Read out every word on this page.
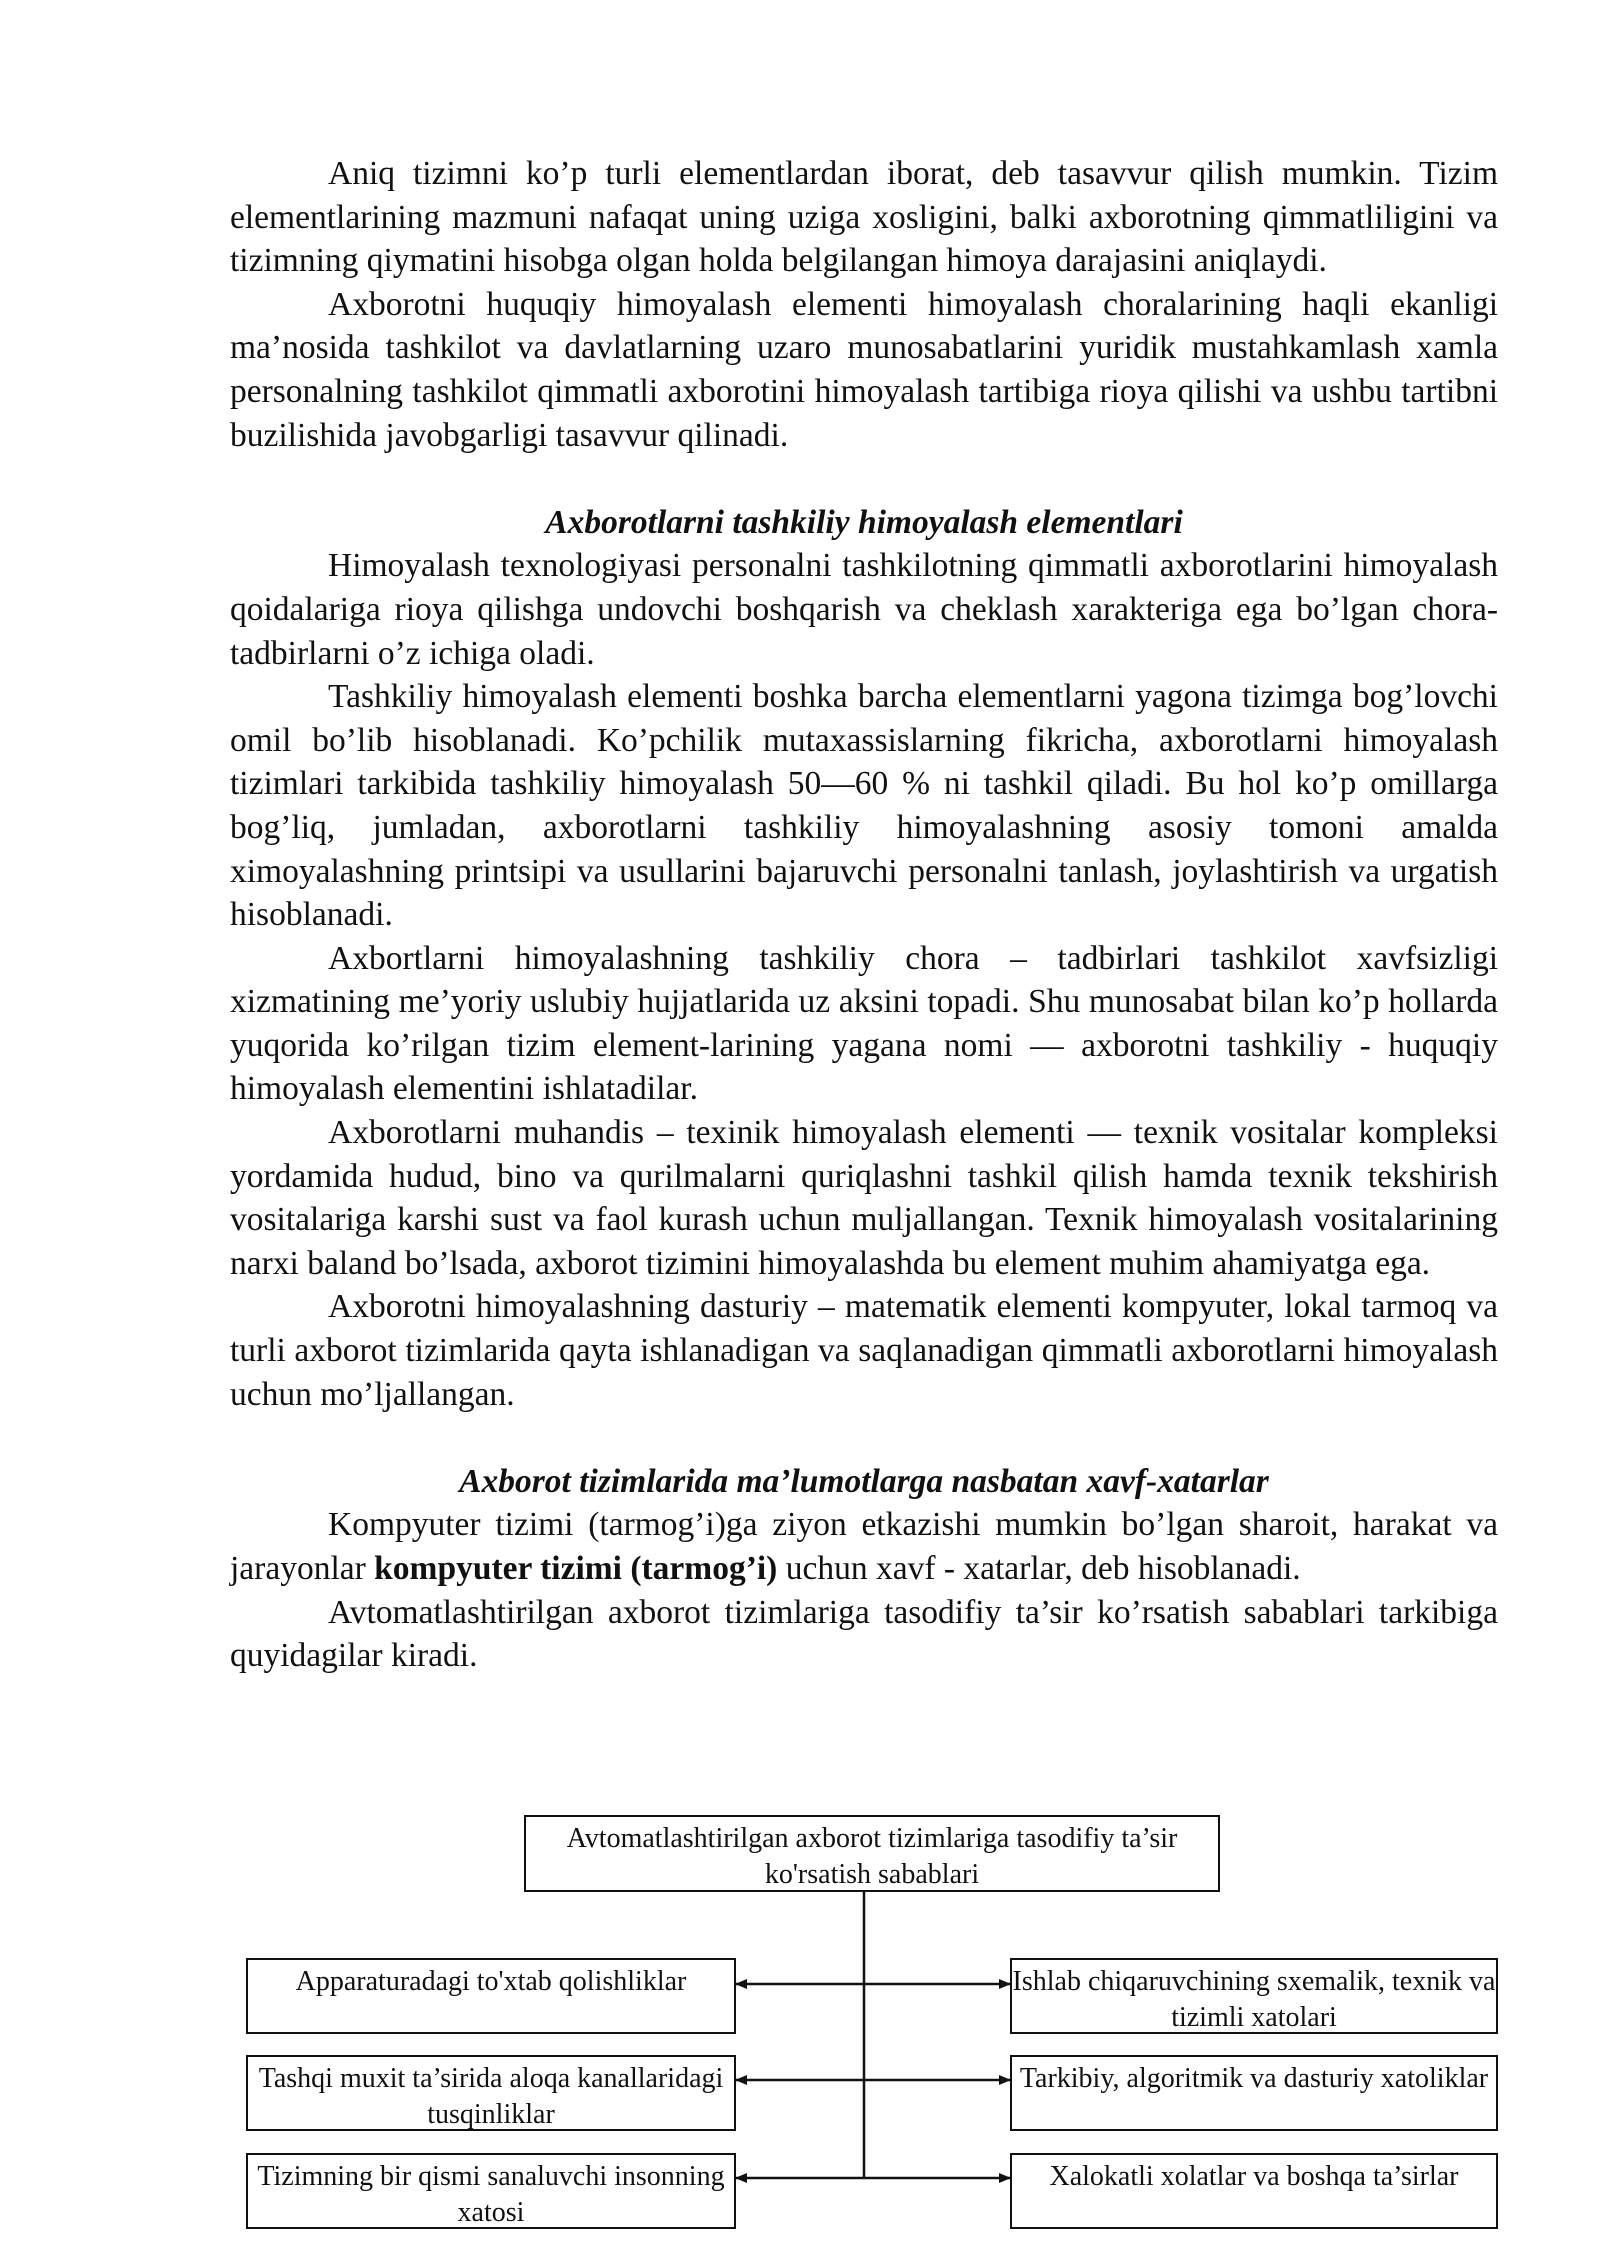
Aniq tizimni ko’p turli elementlardan iborat, deb tasavvur qilish mumkin. Tizim elementlarining mazmuni nafaqat uning uziga xosligini, balki axborotning qimmatliligini va tizimning qiymatini hisobga olgan holda belgilangan himoya darajasini aniqlaydi.

Axborotni huquqiy himoyalash elementi himoyalash choralarining haqli ekanligi ma’nosida tashkilot va davlatlarning uzaro munosabatlarini yuridik mustahkamlash xamla personalning tashkilot qimmatli axborotini himoyalash tartibiga rioya qilishi va ushbu tartibni buzilishida javobgarligi tasavvur qilinadi.

Axborotlarni tashkiliy himoyalash elementlari

Himoyalash texnologiyasi personalni tashkilotning qimmatli axborotlarini himoyalash qoidalariga rioya qilishga undovchi boshqarish va cheklash xarakteriga ega bo’lgan chora-tadbirlarni o’z ichiga oladi.

Tashkiliy himoyalash elementi boshka barcha elementlarni yagona tizimga bog’lovchi omil bo’lib hisoblanadi. Ko’pchilik mutaxassislarning fikricha, axborotlarni himoyalash tizimlari tarkibida tashkiliy himoyalash 50—60 % ni tashkil qiladi. Bu hol ko’p omillarga bog’liq, jumladan, axborotlarni tashkiliy himoyalashning asosiy tomoni amalda ximoyalashning printsipi va usullarini bajaruvchi personalni tanlash, joylashtirish va urgatish hisoblanadi.

Axbortlarni himoyalashning tashkiliy chora – tadbirlari tashkilot xavfsizligi xizmatining me’yoriy uslubiy hujjatlarida uz aksini topadi. Shu munosabat bilan ko’p hollarda yuqorida ko’rilgan tizim element-larining yagana nomi — axborotni tashkiliy - huquqiy himoyalash elementini ishlatadilar.

Axborotlarni muhandis – texinik himoyalash elementi — texnik vositalar kompleksi yordamida hudud, bino va qurilmalarni quriqlashni tashkil qilish hamda texnik tekshirish vositalariga karshi sust va faol kurash uchun muljallangan. Texnik himoyalash vositalarining narxi baland bo’lsada, axborot tizimini himoyalashda bu element muhim ahamiyatga ega.

Axborotni himoyalashning dasturiy – matematik elementi kompyuter, lokal tarmoq va turli axborot tizimlarida qayta ishlanadigan va saqlanadigan qimmatli axborotlarni himoyalash uchun mo’ljallangan.

Axborot tizimlarida ma’lumotlarga nasbatan xavf-xatarlar

Kompyuter tizimi (tarmog’i)ga ziyon etkazishi mumkin bo’lgan sharoit, harakat va jarayonlar kompyuter tizimi (tarmog’i) uchun xavf - xatarlar, deb hisoblanadi.

Avtomatlashtirilgan axborot tizimlariga tasodifiy ta’sir ko’rsatish sabablari tarkibiga quyidagilar kiradi.

Avtomatlashtirilgan axborot tizimlariga tasodifiy ta’sir ko'rsatish sabablari
Apparaturadagi to'xtab qolishliklar
Tashqi muxit ta’sirida aloqa kanallaridagi tusqinliklar
Tizimning bir qismi sanaluvchi insonning xatosi
Ishlab chiqaruvchining sxemalik, texnik va tizimli xatolari
Tarkibiy, algoritmik va dasturiy xatoliklar
Xalokatli xolatlar va boshqa ta’sirlar
